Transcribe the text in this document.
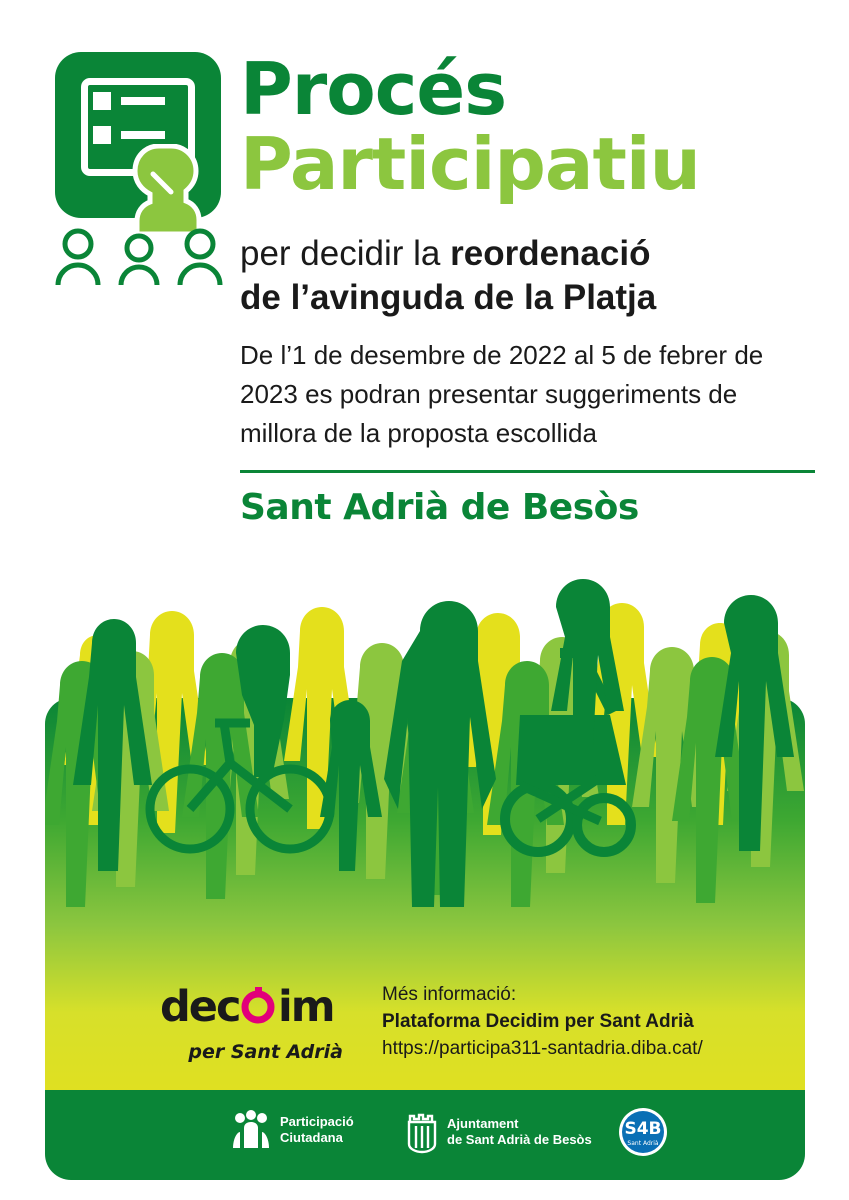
Procés
Participatiu
per decidir la reordenació
de l’avinguda de la Platja
De l’1 de desembre de 2022 al 5 de febrer de 2023 es podran presentar suggeriments de millora de la proposta escollida
Sant Adrià de Besòs
dec im
per Sant Adrià
Més informació:
Plataforma Decidim per Sant Adrià
https://participa311-santadria.diba.cat/
Participació
Ciutadana
Ajuntament
de Sant Adrià de Besòs
S4B
Sant Adrià
